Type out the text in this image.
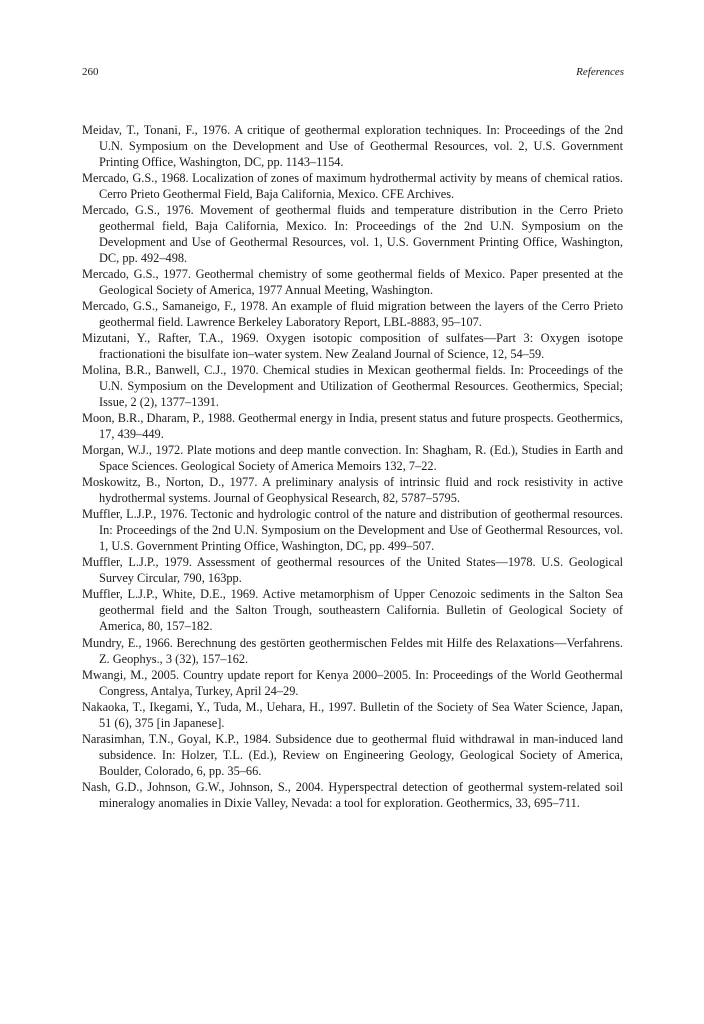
260	References
Meidav, T., Tonani, F., 1976. A critique of geothermal exploration techniques. In: Proceedings of the 2nd U.N. Symposium on the Development and Use of Geothermal Resources, vol. 2, U.S. Government Printing Office, Washington, DC, pp. 1143–1154.
Mercado, G.S., 1968. Localization of zones of maximum hydrothermal activity by means of chemical ratios. Cerro Prieto Geothermal Field, Baja California, Mexico. CFE Archives.
Mercado, G.S., 1976. Movement of geothermal fluids and temperature distribution in the Cerro Prieto geothermal field, Baja California, Mexico. In: Proceedings of the 2nd U.N. Symposium on the Development and Use of Geothermal Resources, vol. 1, U.S. Government Printing Office, Washington, DC, pp. 492–498.
Mercado, G.S., 1977. Geothermal chemistry of some geothermal fields of Mexico. Paper presented at the Geological Society of America, 1977 Annual Meeting, Washington.
Mercado, G.S., Samaneigo, F., 1978. An example of fluid migration between the layers of the Cerro Prieto geothermal field. Lawrence Berkeley Laboratory Report, LBL-8883, 95–107.
Mizutani, Y., Rafter, T.A., 1969. Oxygen isotopic composition of sulfates—Part 3: Oxygen isotope fractionationi the bisulfate ion–water system. New Zealand Journal of Science, 12, 54–59.
Molina, B.R., Banwell, C.J., 1970. Chemical studies in Mexican geothermal fields. In: Proceedings of the U.N. Symposium on the Development and Utilization of Geothermal Resources. Geothermics, Special; Issue, 2 (2), 1377–1391.
Moon, B.R., Dharam, P., 1988. Geothermal energy in India, present status and future prospects. Geothermics, 17, 439–449.
Morgan, W.J., 1972. Plate motions and deep mantle convection. In: Shagham, R. (Ed.), Studies in Earth and Space Sciences. Geological Society of America Memoirs 132, 7–22.
Moskowitz, B., Norton, D., 1977. A preliminary analysis of intrinsic fluid and rock resistivity in active hydrothermal systems. Journal of Geophysical Research, 82, 5787–5795.
Muffler, L.J.P., 1976. Tectonic and hydrologic control of the nature and distribution of geothermal resources. In: Proceedings of the 2nd U.N. Symposium on the Development and Use of Geothermal Resources, vol. 1, U.S. Government Printing Office, Washington, DC, pp. 499–507.
Muffler, L.J.P., 1979. Assessment of geothermal resources of the United States—1978. U.S. Geological Survey Circular, 790, 163pp.
Muffler, L.J.P., White, D.E., 1969. Active metamorphism of Upper Cenozoic sediments in the Salton Sea geothermal field and the Salton Trough, southeastern California. Bulletin of Geological Society of America, 80, 157–182.
Mundry, E., 1966. Berechnung des gestörten geothermischen Feldes mit Hilfe des Relaxations—Verfahrens. Z. Geophys., 3 (32), 157–162.
Mwangi, M., 2005. Country update report for Kenya 2000–2005. In: Proceedings of the World Geothermal Congress, Antalya, Turkey, April 24–29.
Nakaoka, T., Ikegami, Y., Tuda, M., Uehara, H., 1997. Bulletin of the Society of Sea Water Science, Japan, 51 (6), 375 [in Japanese].
Narasimhan, T.N., Goyal, K.P., 1984. Subsidence due to geothermal fluid withdrawal in man-induced land subsidence. In: Holzer, T.L. (Ed.), Review on Engineering Geology, Geological Society of America, Boulder, Colorado, 6, pp. 35–66.
Nash, G.D., Johnson, G.W., Johnson, S., 2004. Hyperspectral detection of geothermal system-related soil mineralogy anomalies in Dixie Valley, Nevada: a tool for exploration. Geothermics, 33, 695–711.
